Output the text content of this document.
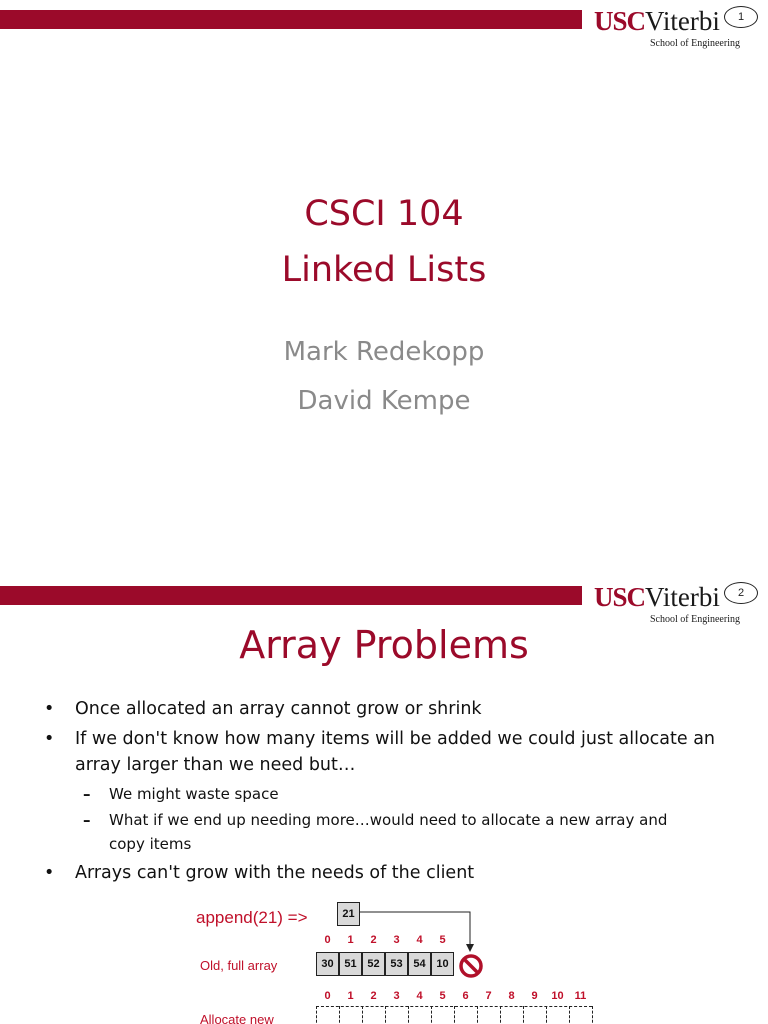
USCViterbi
School of Engineering
1
CSCI 104
Linked Lists
Mark Redekopp
David Kempe
USCViterbi
School of Engineering
2
Array Problems
• Once allocated an array cannot grow or shrink
• If we don't know how many items will be added we could just allocate an array larger than we need but…
– We might waste space
– What if we end up needing more…would need to allocate a new array and copy items
• Arrays can't grow with the needs of the client
append(21) =>	21
Old, full array
0	1	2	3	4	5
30 51 52 53 54 10
Allocate new
0	1	2	3	4	5	6	7	8	9	10	11
